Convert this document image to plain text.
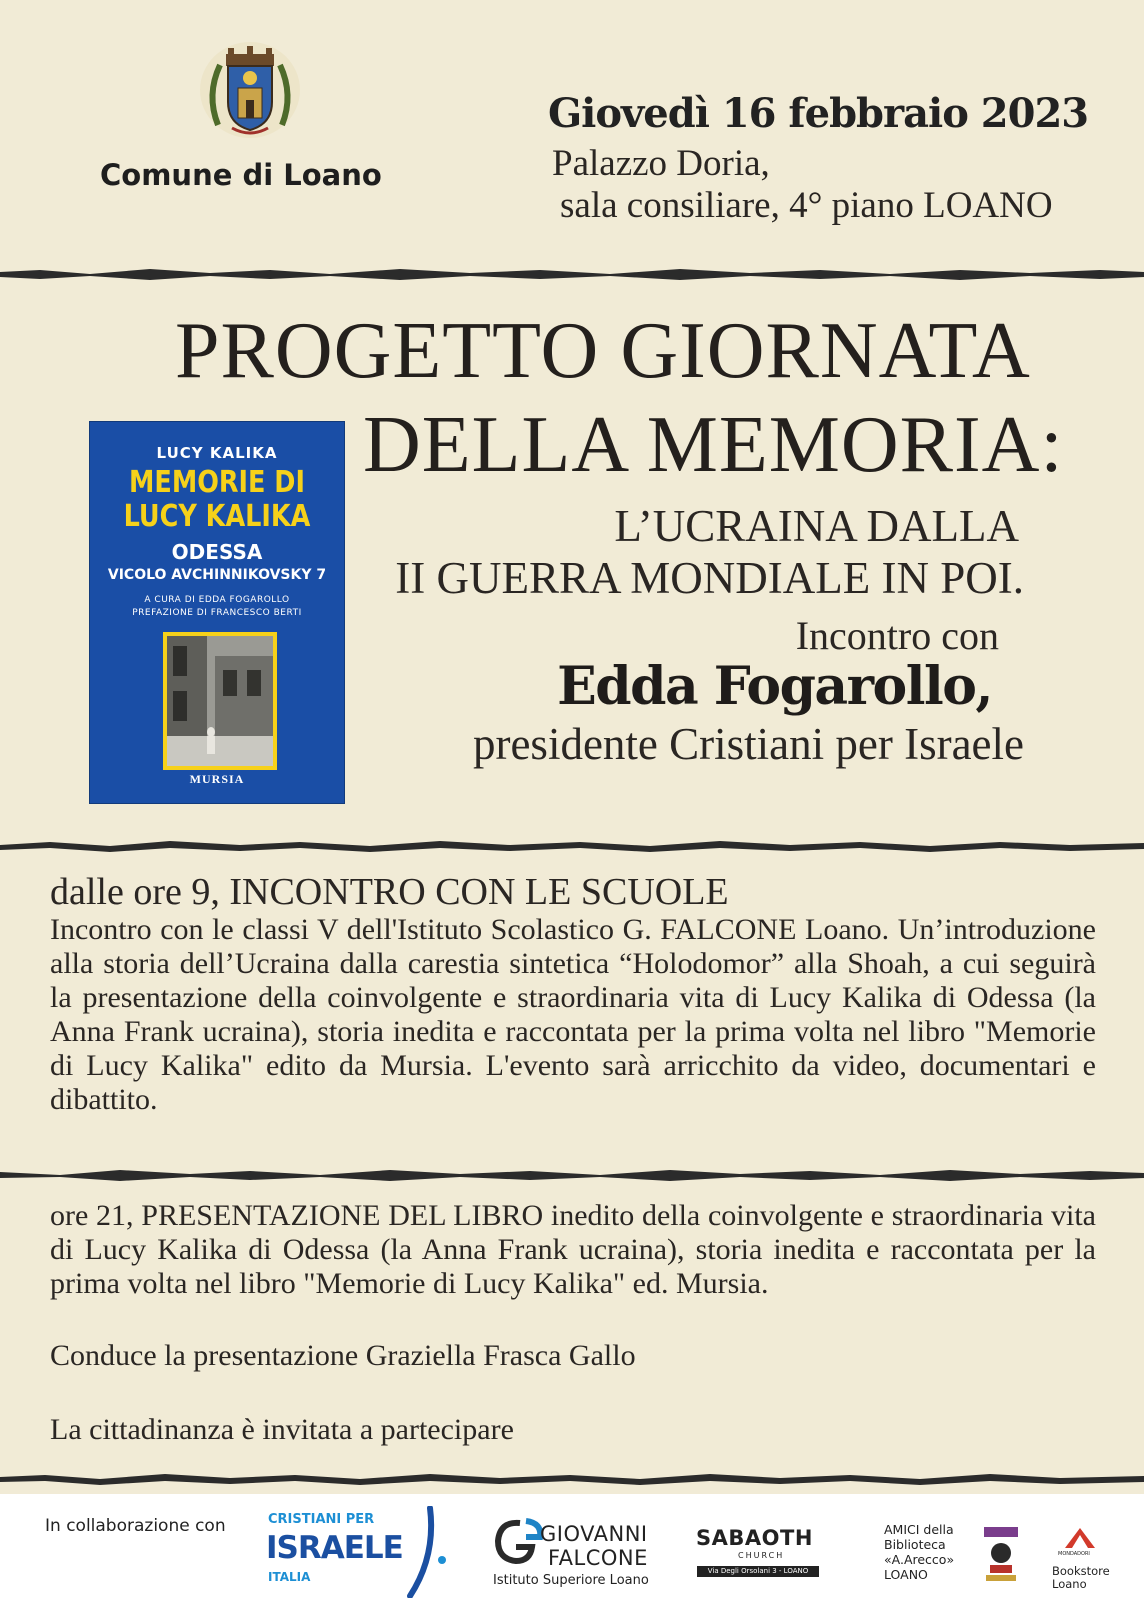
Comune di Loano
Giovedì 16 febbraio 2023
Palazzo Doria,
sala consiliare, 4° piano LOANO
PROGETTO GIORNATA
DELLA MEMORIA:
L’UCRAINA DALLA
II GUERRA MONDIALE IN POI.
Incontro con
Edda Fogarollo,
presidente Cristiani per Israele
LUCY KALIKA
MEMORIE DI LUCY KALIKA
ODESSA
VICOLO AVCHINNIKOVSKY 7
A CURA DI EDDA FOGAROLLO
PREFAZIONE DI FRANCESCO BERTI
MURSIA
dalle ore 9, INCONTRO CON LE SCUOLE
Incontro con le classi V dell'Istituto Scolastico G. FALCONE Loano. Un’introduzione alla storia dell’Ucraina dalla carestia sintetica “Holodomor” alla Shoah, a cui seguirà la presentazione della coinvolgente e straordinaria vita di Lucy Kalika di Odessa (la Anna Frank ucraina), storia inedita e raccontata per la prima volta nel libro "Memorie di Lucy Kalika" edito da Mursia. L'evento sarà arricchito da video, documentari e dibattito.
ore 21, PRESENTAZIONE DEL LIBRO inedito della coinvolgente e straordinaria vita di Lucy Kalika di Odessa (la Anna Frank ucraina), storia inedita e raccontata per la prima volta nel libro "Memorie di Lucy Kalika" ed. Mursia.
Conduce la presentazione Graziella Frasca Gallo
La cittadinanza è invitata a partecipare
In collaborazione con	CRISTIANI PER
ISRAELE
ITALIA
GIOVANNI
FALCONE
Istituto Superiore Loano
SABAOTH
CHURCH
Via Degli Orsolani 3 - LOANO
AMICI della
Biblioteca
«A.Arecco»
LOANO
MONDADORI
Bookstore
Loano
